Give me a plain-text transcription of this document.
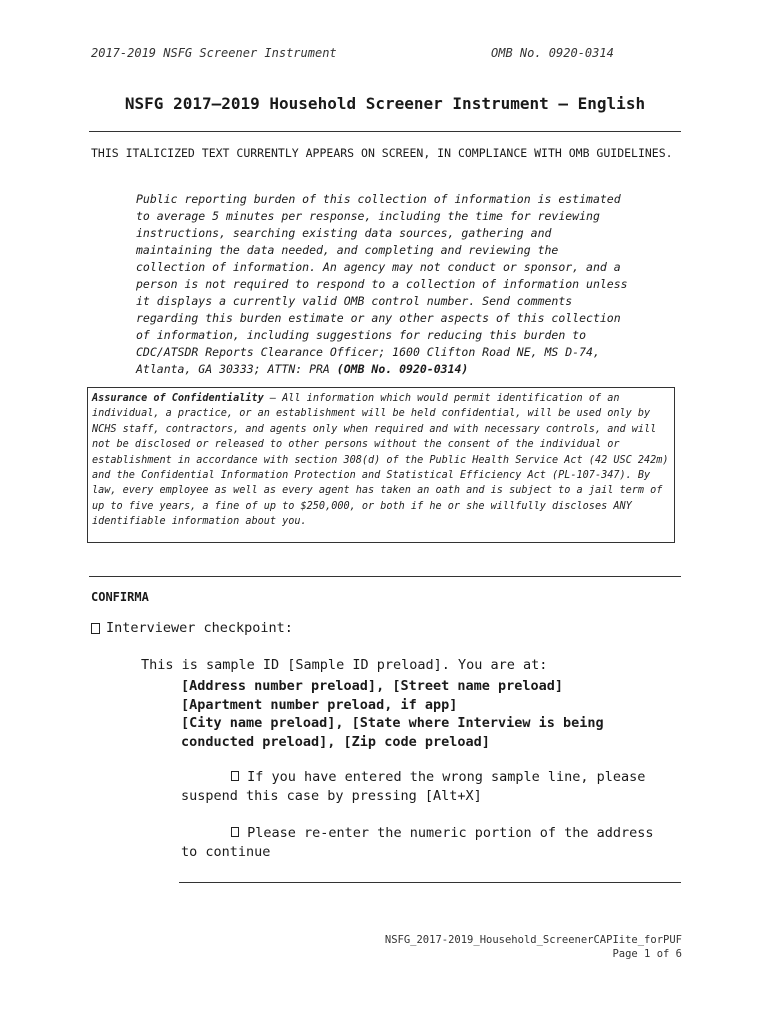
2017-2019 NSFG Screener Instrument	OMB No. 0920-0314
NSFG 2017–2019 Household Screener Instrument – English
THIS ITALICIZED TEXT CURRENTLY APPEARS ON SCREEN, IN COMPLIANCE WITH OMB GUIDELINES.
Public reporting burden of this collection of information is estimated
to average 5 minutes per response, including the time for reviewing
instructions, searching existing data sources, gathering and
maintaining the data needed, and completing and reviewing the
collection of information. An agency may not conduct or sponsor, and a
person is not required to respond to a collection of information unless
it displays a currently valid OMB control number. Send comments
regarding this burden estimate or any other aspects of this collection
of information, including suggestions for reducing this burden to
CDC/ATSDR Reports Clearance Officer; 1600 Clifton Road NE, MS D-74,
Atlanta, GA 30333; ATTN: PRA (OMB No. 0920-0314)
Assurance of Confidentiality – All information which would permit identification of an individual, a practice, or an establishment will be held confidential, will be used only by NCHS staff, contractors, and agents only when required and with necessary controls, and will not be disclosed or released to other persons without the consent of the individual or establishment in accordance with section 308(d) of the Public Health Service Act (42 USC 242m) and the Confidential Information Protection and Statistical Efficiency Act (PL-107-347). By law, every employee as well as every agent has taken an oath and is subject to a jail term of up to five years, a fine of up to $250,000, or both if he or she willfully discloses ANY identifiable information about you.
CONFIRMA
Interviewer checkpoint:
This is sample ID [Sample ID preload]. You are at:
[Address number preload], [Street name preload]
[Apartment number preload, if app]
[City name preload], [State where Interview is being
conducted preload], [Zip code preload]
If you have entered the wrong sample line, please
suspend this case by pressing [Alt+X]
Please re-enter the numeric portion of the address
to continue
NSFG_2017-2019_Household_ScreenerCAPIite_forPUF
Page 1 of 6
